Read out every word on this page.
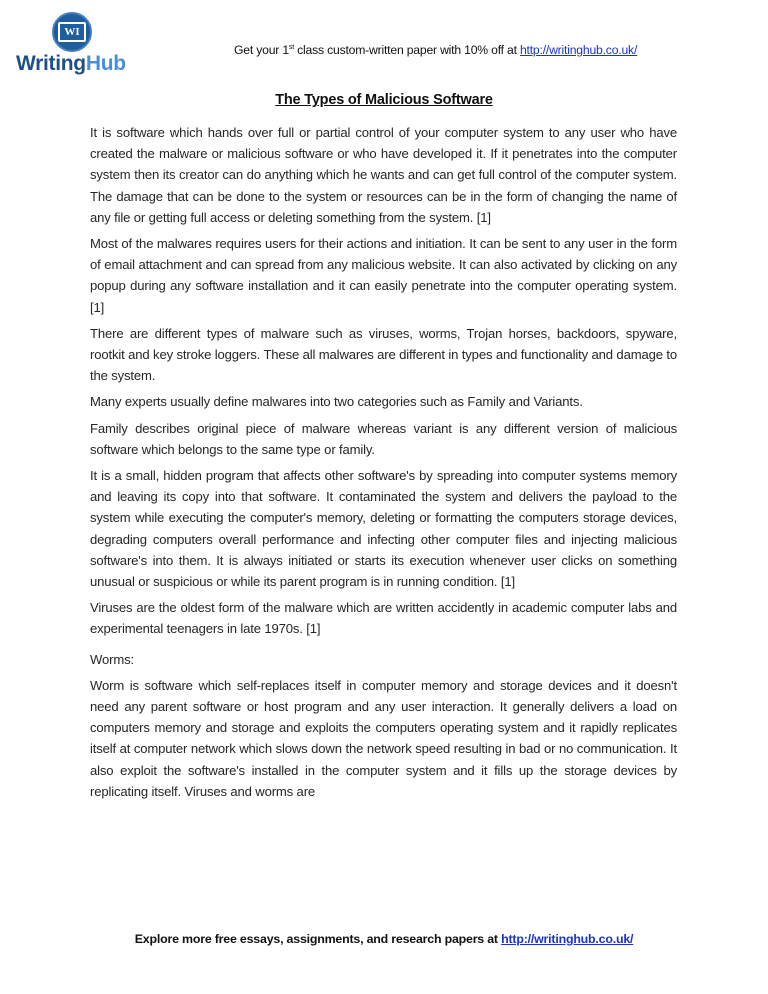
WI
WritingHub
Get your 1st class custom-written paper with 10% off at http://writinghub.co.uk/
The Types of Malicious Software

It is software which hands over full or partial control of your computer system to any user who have created the malware or malicious software or who have developed it. If it penetrates into the computer system then its creator can do anything which he wants and can get full control of the computer system. The damage that can be done to the system or resources can be in the form of changing the name of any file or getting full access or deleting something from the system. [1]

Most of the malwares requires users for their actions and initiation. It can be sent to any user in the form of email attachment and can spread from any malicious website. It can also activated by clicking on any popup during any software installation and it can easily penetrate into the computer operating system. [1]

There are different types of malware such as viruses, worms, Trojan horses, backdoors, spyware, rootkit and key stroke loggers. These all malwares are different in types and functionality and damage to the system.

Many experts usually define malwares into two categories such as Family and Variants.

Family describes original piece of malware whereas variant is any different version of malicious software which belongs to the same type or family.

It is a small, hidden program that affects other software's by spreading into computer systems memory and leaving its copy into that software. It contaminated the system and delivers the payload to the system while executing the computer's memory, deleting or formatting the computers storage devices, degrading computers overall performance and infecting other computer files and injecting malicious software's into them. It is always initiated or starts its execution whenever user clicks on something unusual or suspicious or while its parent program is in running condition. [1]

Viruses are the oldest form of the malware which are written accidently in academic computer labs and experimental teenagers in late 1970s. [1]

Worms:

Worm is software which self-replaces itself in computer memory and storage devices and it doesn't need any parent software or host program and any user interaction. It generally delivers a load on computers memory and storage and exploits the computers operating system and it rapidly replicates itself at computer network which slows down the network speed resulting in bad or no communication. It also exploit the software's installed in the computer system and it fills up the storage devices by replicating itself. Viruses and worms are

Explore more free essays, assignments, and research papers at http://writinghub.co.uk/
